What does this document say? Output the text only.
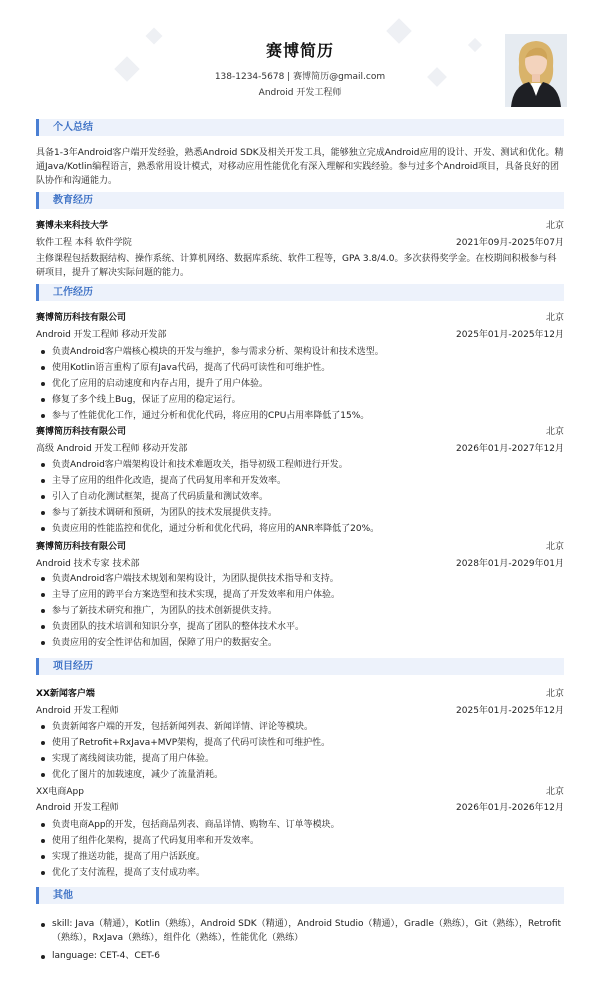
赛博简历
138-1234-5678 | 赛博简历@gmail.com
Android 开发工程师
个人总结
具备1-3年Android客户端开发经验，熟悉Android SDK及相关开发工具，能够独立完成Android应用的设计、开发、测试和优化。精通Java/Kotlin编程语言，熟悉常用设计模式，对移动应用性能优化有深入理解和实践经验。参与过多个Android项目，具备良好的团队协作和沟通能力。
教育经历
赛博未来科技大学	北京
软件工程 本科 软件学院	2021年09月-2025年07月
主修课程包括数据结构、操作系统、计算机网络、数据库系统、软件工程等，GPA 3.8/4.0。多次获得奖学金。在校期间积极参与科研项目，提升了解决实际问题的能力。
工作经历
赛博简历科技有限公司	北京
Android 开发工程师 移动开发部	2025年01月-2025年12月
负责Android客户端核心模块的开发与维护，参与需求分析、架构设计和技术选型。
使用Kotlin语言重构了原有Java代码，提高了代码可读性和可维护性。
优化了应用的启动速度和内存占用，提升了用户体验。
修复了多个线上Bug，保证了应用的稳定运行。
参与了性能优化工作，通过分析和优化代码，将应用的CPU占用率降低了15%。
赛博简历科技有限公司	北京
高级 Android 开发工程师 移动开发部	2026年01月-2027年12月
负责Android客户端架构设计和技术难题攻关，指导初级工程师进行开发。
主导了应用的组件化改造，提高了代码复用率和开发效率。
引入了自动化测试框架，提高了代码质量和测试效率。
参与了新技术调研和预研，为团队的技术发展提供支持。
负责应用的性能监控和优化，通过分析和优化代码，将应用的ANR率降低了20%。
赛博简历科技有限公司	北京
Android 技术专家 技术部	2028年01月-2029年01月
负责Android客户端技术规划和架构设计，为团队提供技术指导和支持。
主导了应用的跨平台方案选型和技术实现，提高了开发效率和用户体验。
参与了新技术研究和推广，为团队的技术创新提供支持。
负责团队的技术培训和知识分享，提高了团队的整体技术水平。
负责应用的安全性评估和加固，保障了用户的数据安全。
项目经历
XX新闻客户端	北京
Android 开发工程师	2025年01月-2025年12月
负责新闻客户端的开发，包括新闻列表、新闻详情、评论等模块。
使用了Retrofit+RxJava+MVP架构，提高了代码可读性和可维护性。
实现了离线阅读功能，提高了用户体验。
优化了图片的加载速度，减少了流量消耗。
XX电商App	北京
Android 开发工程师	2026年01月-2026年12月
负责电商App的开发，包括商品列表、商品详情、购物车、订单等模块。
使用了组件化架构，提高了代码复用率和开发效率。
实现了推送功能，提高了用户活跃度。
优化了支付流程，提高了支付成功率。
其他
skill: Java（精通），Kotlin（熟练），Android SDK（精通），Android Studio（精通），Gradle（熟练），Git（熟练），Retrofit（熟练），RxJava（熟练），组件化（熟练），性能优化（熟练）
language: CET-4、CET-6
